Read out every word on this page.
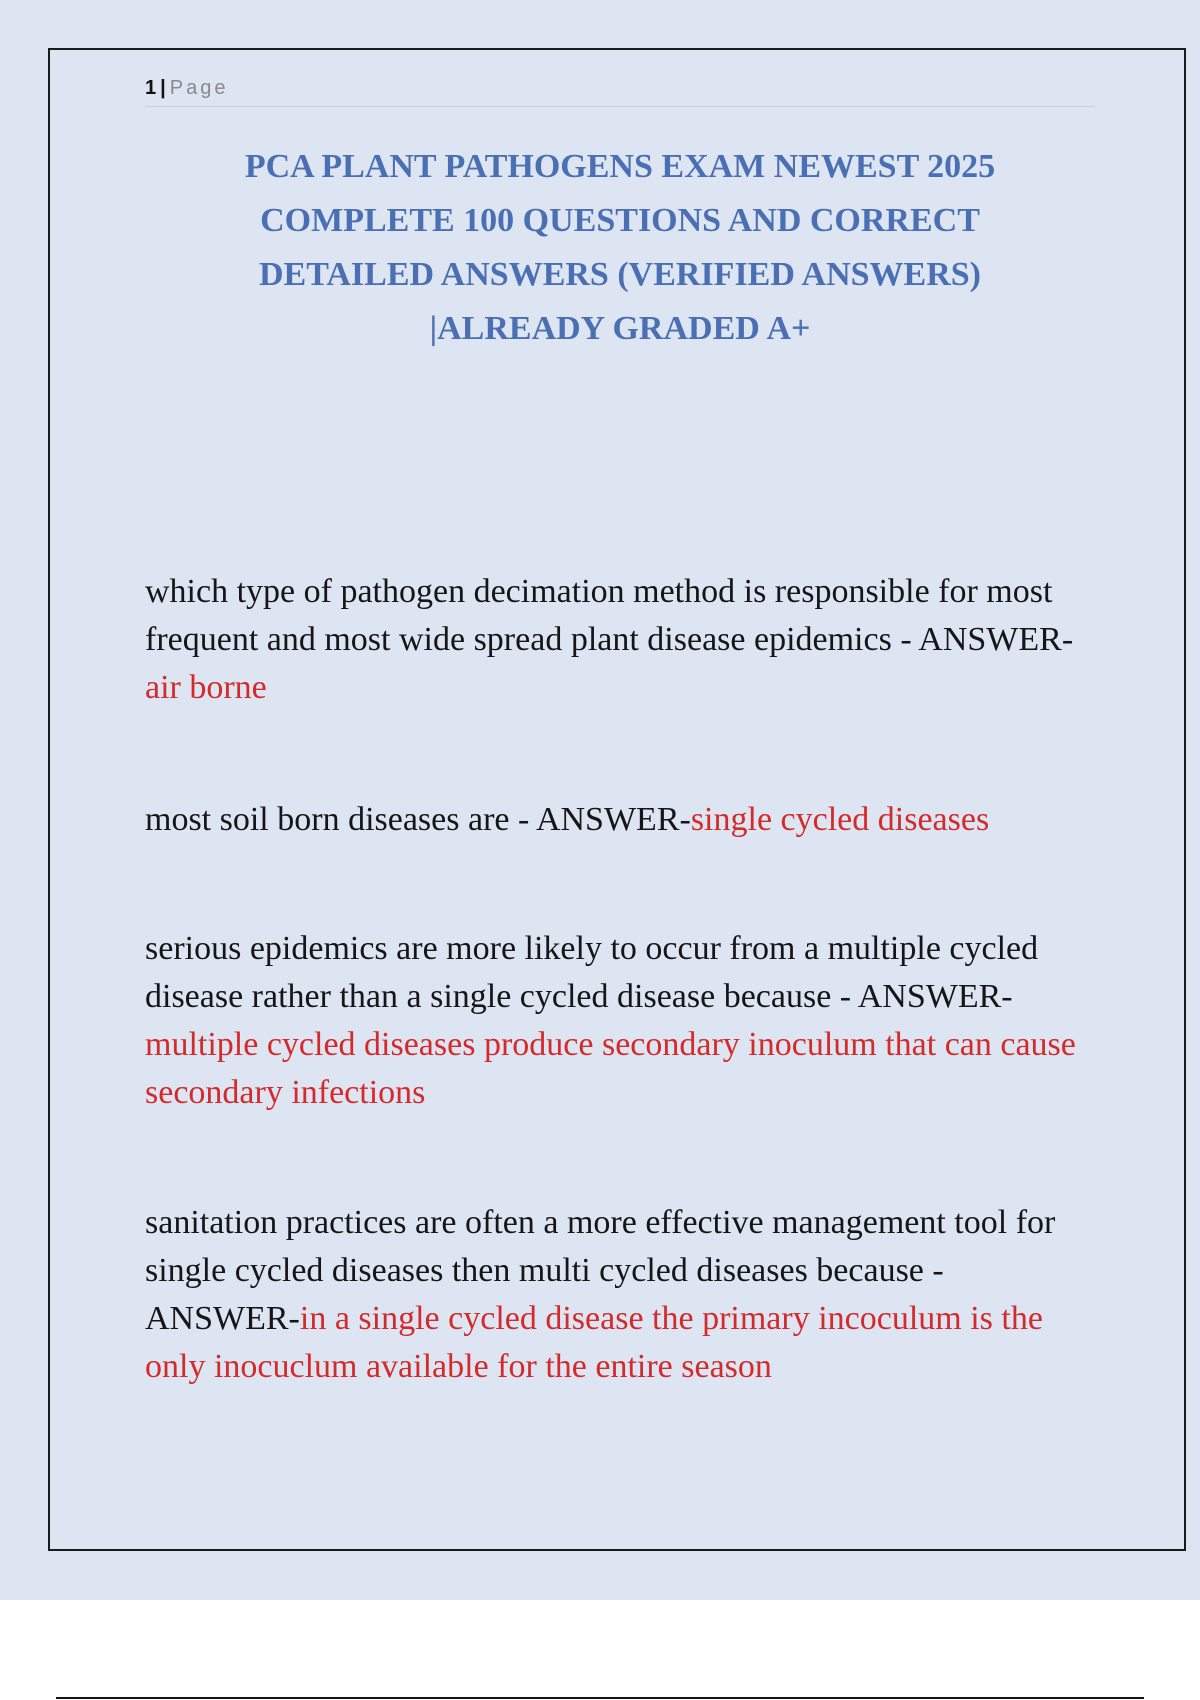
1 | Page
PCA PLANT PATHOGENS EXAM NEWEST 2025
COMPLETE 100 QUESTIONS AND CORRECT
DETAILED ANSWERS (VERIFIED ANSWERS)
|ALREADY GRADED A+

which type of pathogen decimation method is responsible for most frequent and most wide spread plant disease epidemics - ANSWER-air borne

most soil born diseases are - ANSWER-single cycled diseases

serious epidemics are more likely to occur from a multiple cycled disease rather than a single cycled disease because - ANSWER-multiple cycled diseases produce secondary inoculum that can cause secondary infections

sanitation practices are often a more effective management tool for single cycled diseases then multi cycled diseases because - ANSWER-in a single cycled disease the primary incoculum is the only inocuclum available for the entire season
